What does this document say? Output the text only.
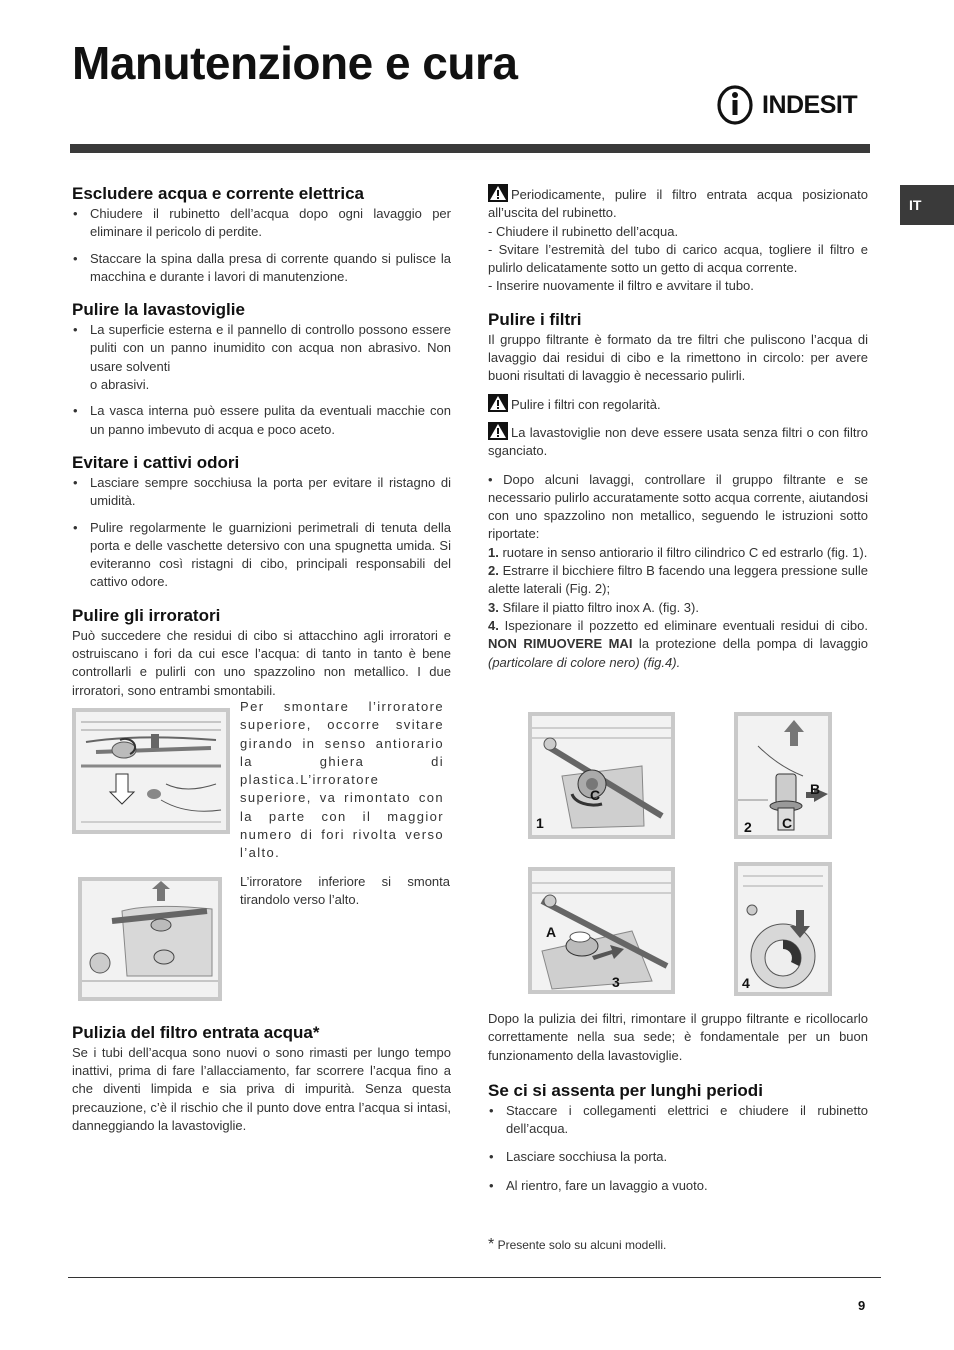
Manutenzione e cura
INDESIT
IT
Escludere acqua e corrente elettrica
• Chiudere il rubinetto dell’acqua dopo ogni lavaggio per eliminare il pericolo di perdite.
• Staccare la spina dalla presa di corrente quando si pulisce la macchina e durante i lavori di manutenzione.
Pulire la lavastoviglie
• La superficie esterna e il pannello di controllo possono essere puliti con un panno inumidito con acqua non abrasivo. Non usare solventi
o abrasivi.
• La vasca interna può essere pulita da eventuali macchie con un panno imbevuto di acqua e poco aceto.
Evitare i cattivi odori
• Lasciare sempre socchiusa la porta per evitare il ristagno di umidità.
• Pulire regolarmente le guarnizioni perimetrali di tenuta della porta e delle vaschette detersivo con una spugnetta umida. Si eviteranno così ristagni di cibo, principali responsabili del cattivo odore.
Pulire gli irroratori

Può succedere che residui di cibo si attacchino agli irroratori e ostruiscano i fori da cui esce l’acqua: di tanto in tanto è bene controllarli e pulirli con uno spazzolino non metallico. I due irroratori, sono entrambi smontabili.

Per smontare l’irroratore superiore, occorre svitare girando in senso antiorario la ghiera di plastica.L’irroratore superiore, va rimontato con la parte con il maggior numero di fori rivolta verso l’alto.

L’irroratore inferiore si smonta tirandolo verso l’alto.

Pulizia del filtro entrata acqua*

Se i tubi dell’acqua sono nuovi o sono rimasti per lungo tempo inattivi, prima di fare l’allacciamento, far scorrere l’acqua fino a che diventi limpida e sia priva di impurità. Senza questa precauzione, c’è il rischio che il punto dove entra l’acqua si intasi, danneggiando la lavastoviglie.

Periodicamente, pulire il filtro entrata acqua posizionato all’uscita del rubinetto.

- Chiudere il rubinetto dell’acqua.

- Svitare l’estremità del tubo di carico acqua, togliere il filtro e pulirlo delicatamente sotto un getto di acqua corrente.

- Inserire nuovamente il filtro e avvitare il tubo.

Pulire i filtri

Il gruppo filtrante è formato da tre filtri che puliscono l’acqua di lavaggio dai residui di cibo e la rimettono in circolo: per avere buoni risultati di lavaggio è necessario pulirli.

Pulire i filtri con regolarità.

La lavastoviglie non deve essere usata senza filtri o con filtro sganciato.

• Dopo alcuni lavaggi, controllare il gruppo filtrante e se necessario pulirlo accuratamente sotto acqua corrente, aiutandosi con uno spazzolino non metallico, seguendo le istruzioni sotto riportate:

1. ruotare in senso antiorario il filtro cilindrico C ed estrarlo (fig. 1).

2. Estrarre il bicchiere filtro B facendo una leggera pressione sulle alette laterali (Fig. 2);

3. Sfilare il piatto filtro inox A. (fig. 3).

4. Ispezionare il pozzetto ed eliminare eventuali residui di cibo. NON RIMUOVERE MAI la protezione della pompa di lavaggio (particolare di colore nero) (fig.4).

C
1
B
C
2
A
3	4

Dopo la pulizia dei filtri, rimontare il gruppo filtrante e ricollocarlo correttamente nella sua sede; è fondamentale per un buon funzionamento della lavastoviglie.

Se ci si assenta per lunghi periodi
• Staccare i collegamenti elettrici e chiudere il rubinetto dell’acqua.
• Lasciare socchiusa la porta.
• Al rientro, fare un lavaggio a vuoto.
* Presente solo su alcuni modelli.
9
